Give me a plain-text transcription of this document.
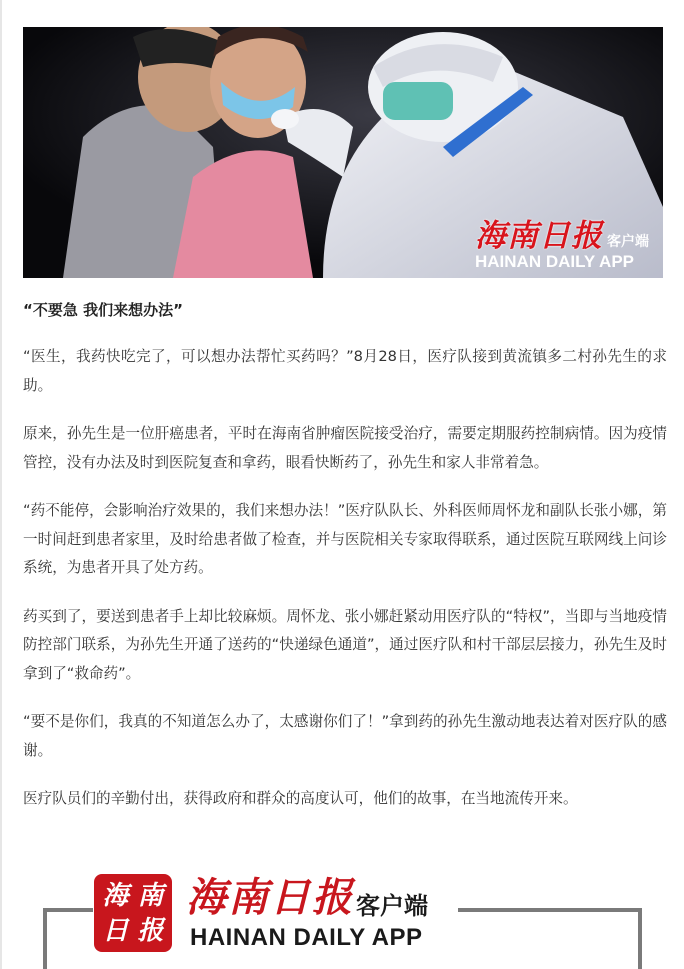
海南日报 客户端
HAINAN DAILY APP

“不要急 我们来想办法”

“医生，我药快吃完了，可以想办法帮忙买药吗？”8月28日，医疗队接到黄流镇多二村孙先生的求助。

原来，孙先生是一位肝癌患者，平时在海南省肿瘤医院接受治疗，需要定期服药控制病情。因为疫情管控，没有办法及时到医院复查和拿药，眼看快断药了，孙先生和家人非常着急。

“药不能停，会影响治疗效果的，我们来想办法！”医疗队队长、外科医师周怀龙和副队长张小娜，第一时间赶到患者家里，及时给患者做了检查，并与医院相关专家取得联系，通过医院互联网线上问诊系统，为患者开具了处方药。

药买到了，要送到患者手上却比较麻烦。周怀龙、张小娜赶紧动用医疗队的“特权”，当即与当地疫情防控部门联系，为孙先生开通了送药的“快递绿色通道”，通过医疗队和村干部层层接力，孙先生及时拿到了“救命药”。

“要不是你们，我真的不知道怎么办了，太感谢你们了！”拿到药的孙先生激动地表达着对医疗队的感谢。

医疗队员们的辛勤付出，获得政府和群众的高度认可，他们的故事，在当地流传开来。

海 南
日 报
海南日报 客户端
HAINAN DAILY APP
